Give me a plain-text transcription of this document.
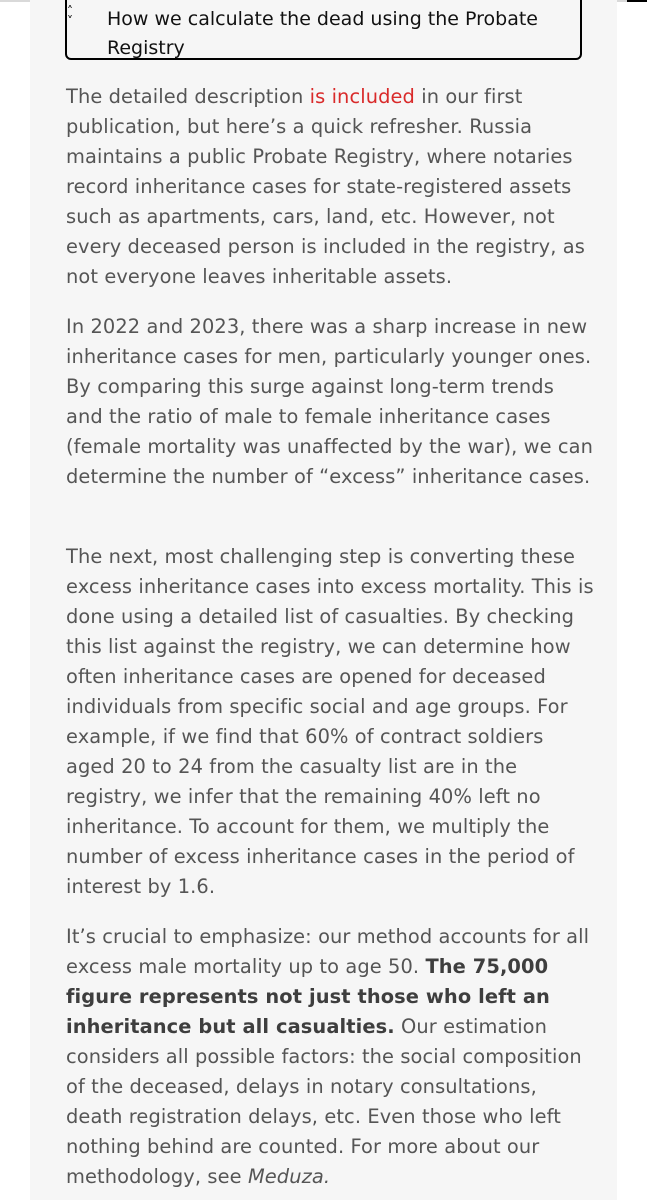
˄
˅	How we calculate the dead using the Probate Registry

The detailed description is included in our first publication, but here’s a quick refresher. Russia maintains a public Probate Registry, where notaries record inheritance cases for state-registered assets such as apartments, cars, land, etc. However, not every deceased person is included in the registry, as not everyone leaves inheritable assets.

In 2022 and 2023, there was a sharp increase in new inheritance cases for men, particularly younger ones. By comparing this surge against long-term trends and the ratio of male to female inheritance cases (female mortality was unaffected by the war), we can determine the number of “excess” inheritance cases.

The next, most challenging step is converting these excess inheritance cases into excess mortality. This is done using a detailed list of casualties. By checking this list against the registry, we can determine how often inheritance cases are opened for deceased individuals from specific social and age groups. For example, if we find that 60% of contract soldiers aged 20 to 24 from the casualty list are in the registry, we infer that the remaining 40% left no inheritance. To account for them, we multiply the number of excess inheritance cases in the period of interest by 1.6.

It’s crucial to emphasize: our method accounts for all excess male mortality up to age 50. The 75,000 figure represents not just those who left an inheritance but all casualties. Our estimation considers all possible factors: the social composition of the deceased, delays in notary consultations, death registration delays, etc. Even those who left nothing behind are counted. For more about our methodology, see Meduza.
